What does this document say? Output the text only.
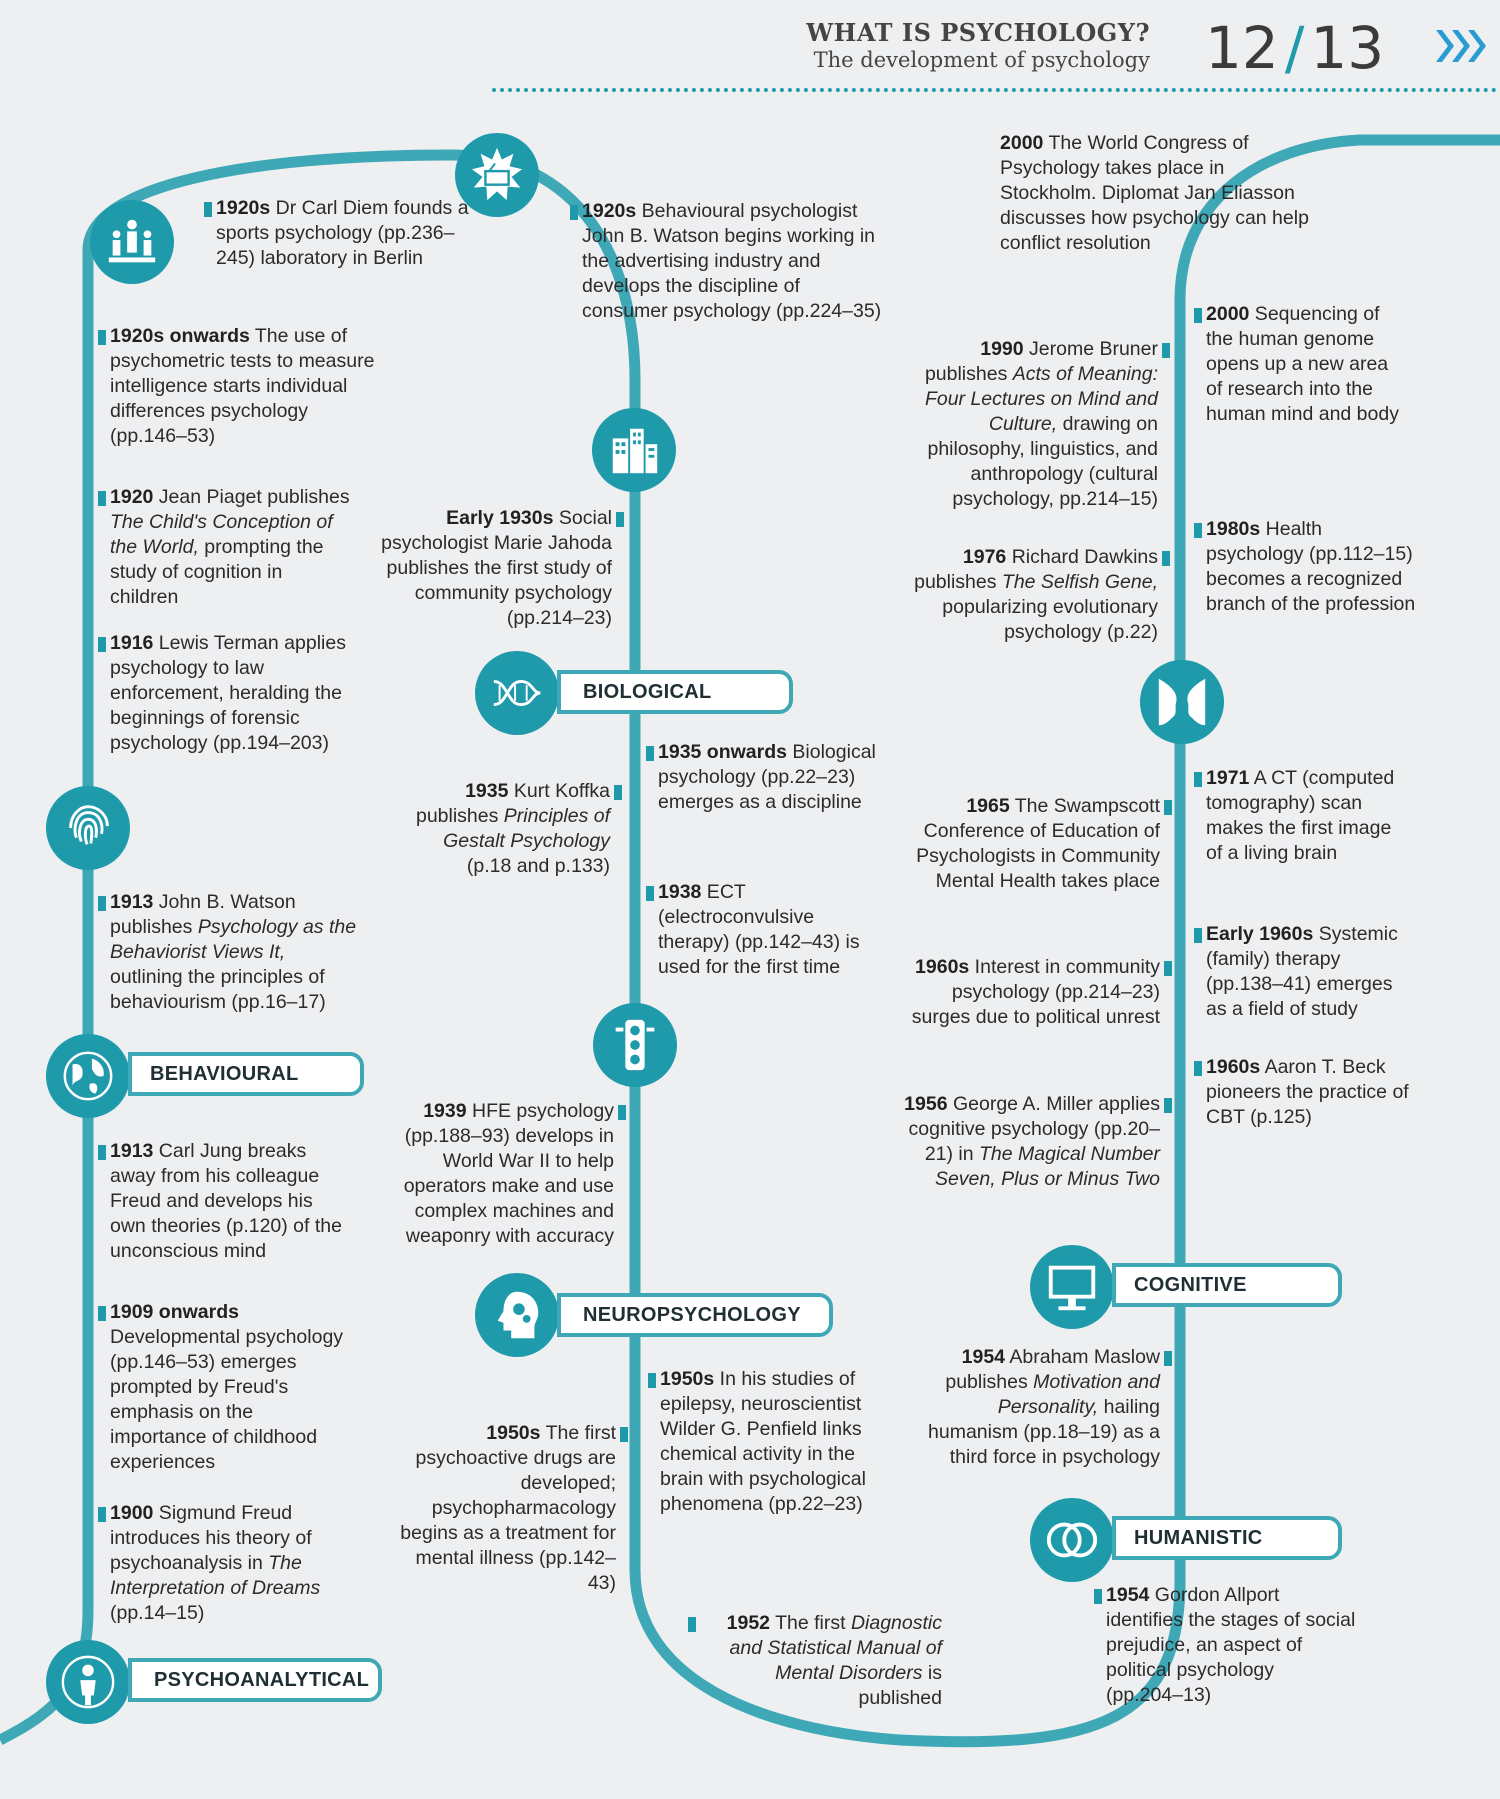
WHAT IS PSYCHOLOGY?
The development of psychology 12 / 13
PSYCHOANALYTICAL
BEHAVIOURAL
BIOLOGICAL
NEUROPSYCHOLOGY
COGNITIVE
HUMANISTIC
1920s Dr Carl Diem founds a sports psychology (pp.236–245) laboratory in Berlin
1920s onwards The use of psychometric tests to measure intelligence starts individual differences psychology (pp.146–53)
1920 Jean Piaget publishes The Child's Conception of the World, prompting the study of cognition in children
1916 Lewis Terman applies psychology to law enforcement, heralding the beginnings of forensic psychology (pp.194–203)
1913 John B. Watson publishes Psychology as the Behaviorist Views It, outlining the principles of behaviourism (pp.16–17)
1913 Carl Jung breaks away from his colleague Freud and develops his own theories (p.120) of the unconscious mind
1909 onwards Developmental psychology (pp.146–53) emerges prompted by Freud's emphasis on the importance of childhood experiences
1900 Sigmund Freud introduces his theory of psychoanalysis in The Interpretation of Dreams (pp.14–15)
1920s Behavioural psychologist John B. Watson begins working in the advertising industry and develops the discipline of consumer psychology (pp.224–35)
Early 1930s Social psychologist Marie Jahoda publishes the first study of community psychology (pp.214–23)
1935 onwards Biological psychology (pp.22–23) emerges as a discipline
1935 Kurt Koffka publishes Principles of Gestalt Psychology (p.18 and p.133)
1938 ECT (electroconvulsive therapy) (pp.142–43) is used for the first time
1939 HFE psychology (pp.188–93) develops in World War II to help operators make and use complex machines and weaponry with accuracy
1950s In his studies of epilepsy, neuroscientist Wilder G. Penfield links chemical activity in the brain with psychological phenomena (pp.22–23)
1950s The first psychoactive drugs are developed; psychopharmacology begins as a treatment for mental illness (pp.142–43)
1952 The first Diagnostic and Statistical Manual of Mental Disorders is published
2000 The World Congress of Psychology takes place in Stockholm. Diplomat Jan Eliasson discusses how psychology can help conflict resolution
2000 Sequencing of the human genome opens up a new area of research into the human mind and body
1990 Jerome Bruner publishes Acts of Meaning: Four Lectures on Mind and Culture, drawing on philosophy, linguistics, and anthropology (cultural psychology, pp.214–15)
1980s Health psychology (pp.112–15) becomes a recognized branch of the profession
1976 Richard Dawkins publishes The Selfish Gene, popularizing evolutionary psychology (p.22)
1971 A CT (computed tomography) scan makes the first image of a living brain
1965 The Swampscott Conference of Education of Psychologists in Community Mental Health takes place
Early 1960s Systemic (family) therapy (pp.138–41) emerges as a field of study
1960s Interest in community psychology (pp.214–23) surges due to political unrest
1960s Aaron T. Beck pioneers the practice of CBT (p.125)
1956 George A. Miller applies cognitive psychology (pp.20–21) in The Magical Number Seven, Plus or Minus Two
1954 Abraham Maslow publishes Motivation and Personality, hailing humanism (pp.18–19) as a third force in psychology
1954 Gordon Allport identifies the stages of social prejudice, an aspect of political psychology (pp.204–13)
